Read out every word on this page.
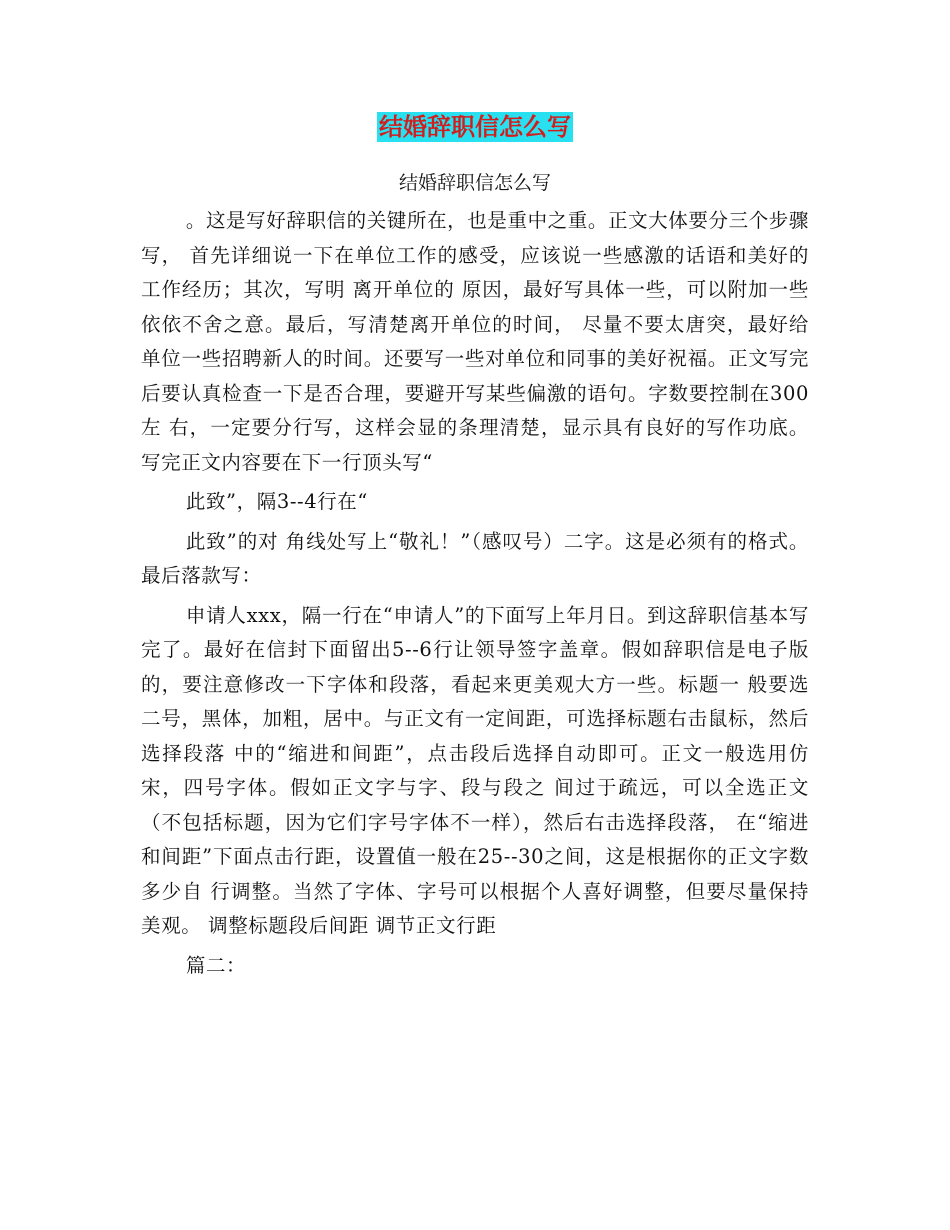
结婚辞职信怎么写
结婚辞职信怎么写

。这是写好辞职信的关键所在，也是重中之重。正文大体要分三个步骤写， 首先详细说一下在单位工作的感受，应该说一些感激的话语和美好的工作经历；其次，写明 离开单位的 原因，最好写具体一些，可以附加一些依依不舍之意。最后，写清楚离开单位的时间， 尽量不要太唐突，最好给单位一些招聘新人的时间。还要写一些对单位和同事的美好祝福。正文写完后要认真检查一下是否合理，要避开写某些偏激的语句。字数要控制在300左 右，一定要分行写，这样会显的条理清楚，显示具有良好的写作功底。写完正文内容要在下一行顶头写“

此致”，隔3--4行在“

此致”的对 角线处写上“敬礼！”（感叹号）二字。这是必须有的格式。 最后落款写：

申请人xxx，隔一行在“申请人”的下面写上年月日。到这辞职信基本写 完了。最好在信封下面留出5--6行让领导签字盖章。假如辞职信是电子版的，要注意修改一下字体和段落，看起来更美观大方一些。标题一 般要选二号，黑体，加粗，居中。与正文有一定间距，可选择标题右击鼠标，然后选择段落 中的“缩进和间距”，点击段后选择自动即可。正文一般选用仿宋，四号字体。假如正文字与字、段与段之 间过于疏远，可以全选正文（不包括标题，因为它们字号字体不一样），然后右击选择段落， 在“缩进和间距”下面点击行距，设置值一般在25--30之间，这是根据你的正文字数多少自 行调整。当然了字体、字号可以根据个人喜好调整，但要尽量保持美观。 调整标题段后间距 调节正文行距

篇二：
